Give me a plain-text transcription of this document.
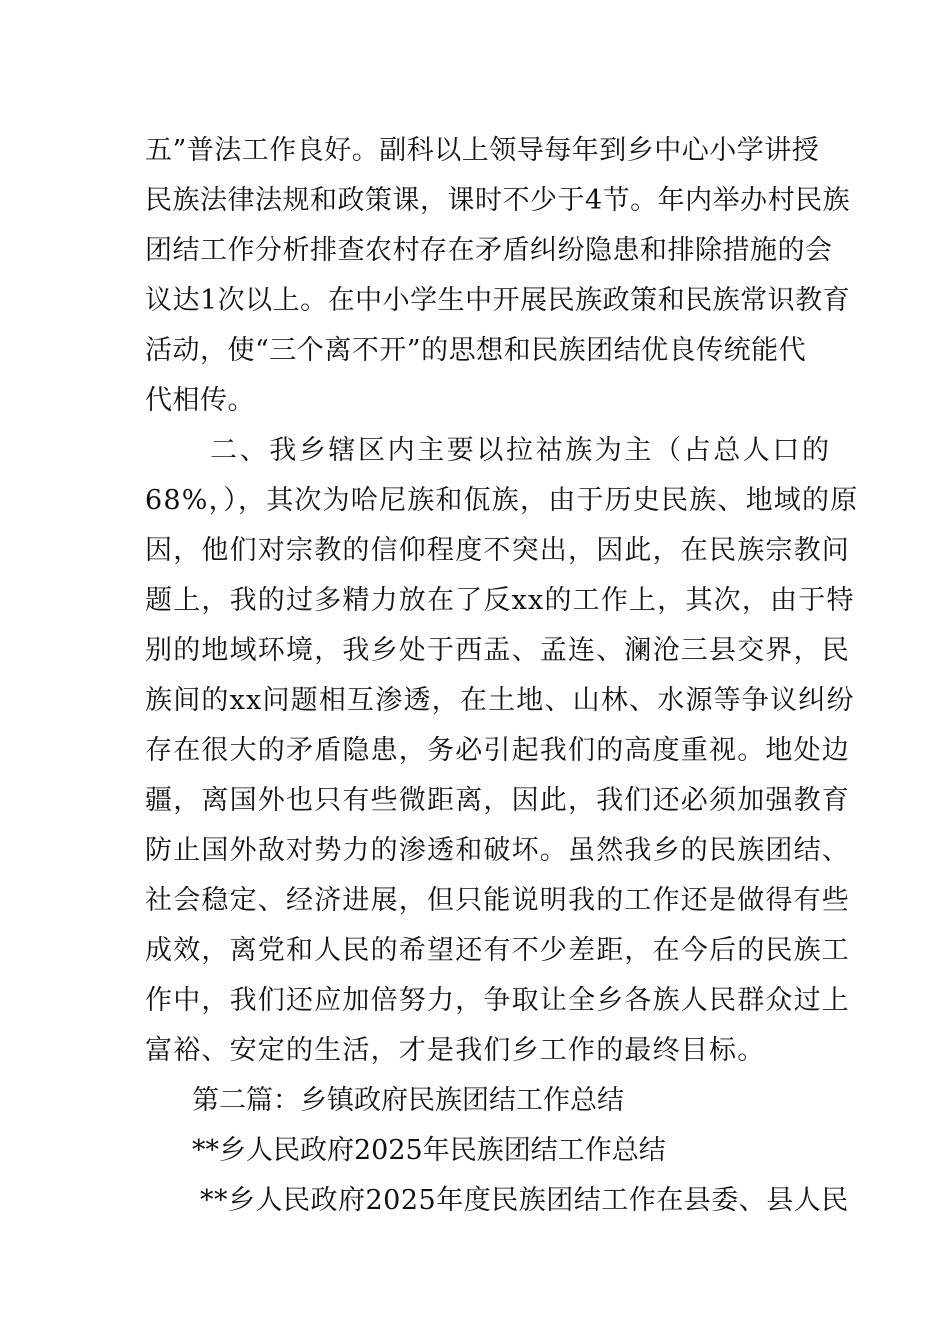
五”普法工作良好。副科以上领导每年到乡中心小学讲授
民族法律法规和政策课，课时不少于4节。年内举办村民族
团结工作分析排查农村存在矛盾纠纷隐患和排除措施的会
议达1次以上。在中小学生中开展民族政策和民族常识教育
活动，使“三个离不开”的思想和民族团结优良传统能代
代相传。
二、我乡辖区内主要以拉祜族为主（占总人口的
68%，），其次为哈尼族和佤族，由于历史民族、地域的原
因，他们对宗教的信仰程度不突出，因此，在民族宗教问
题上，我的过多精力放在了反xx的工作上，其次，由于特
别的地域环境，我乡处于西盂、孟连、澜沧三县交界，民
族间的xx问题相互渗透，在土地、山林、水源等争议纠纷
存在很大的矛盾隐患，务必引起我们的高度重视。地处边
疆，离国外也只有些微距离，因此，我们还必须加强教育
防止国外敌对势力的渗透和破坏。虽然我乡的民族团结、
社会稳定、经济进展，但只能说明我的工作还是做得有些
成效，离党和人民的希望还有不少差距，在今后的民族工
作中，我们还应加倍努力，争取让全乡各族人民群众过上
富裕、安定的生活，才是我们乡工作的最终目标。
第二篇：乡镇政府民族团结工作总结
**乡人民政府2025年民族团结工作总结
**乡人民政府2025年度民族团结工作在县委、县人民
